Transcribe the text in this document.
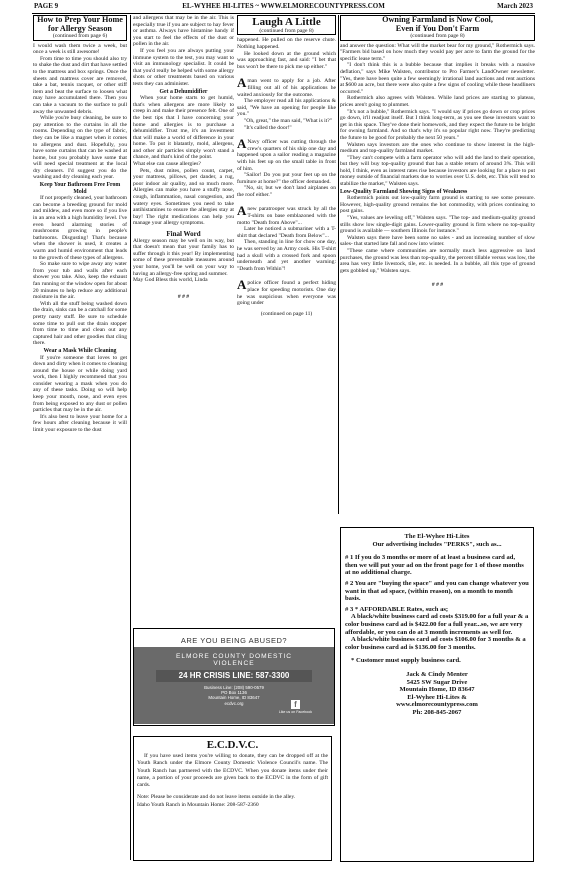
PAGE 9	EL-WYHEE HI-LITES ~ WWW.ELMORECOUNTYPRESS.COM	March 2023
How to Prep Your Home for Allergy Season
(continued from page 6)

I would wash them twice a week, but once a week is still awesome!

From time to time you should also try to shake the dust and dirt that have settled to the mattress and box springs. Once the sheets and mattress cover are removed, take a bat, tennis racquet, or other stiff item and beat the surface to loosen what may have accumulated there. Then you can take a vacuum to the surface to pull away the unwanted debris.

While you're busy cleaning, be sure to pay attention to the curtains in all the rooms. Depending on the type of fabric, they can be like a magnet when it comes to allergens and dust. Hopefully, you have some curtains that can be washed at home, but you probably have some that will need special treatment at the local dry cleaners. I'd suggest you do the washing and dry cleaning each year.

Keep Your Bathroom Free From Mold

If not properly cleaned, your bathroom can become a breeding ground for mold and mildew, and even more so if you live in an area with a high humidity level. I've even heard alarming stories of mushrooms growing in people's bathrooms. Disgusting! That's because when the shower is used, it creates a warm and humid environment that leads to the growth of these types of allergens.

So make sure to wipe away any water from your tub and walls after each shower you take. Also, keep the exhaust fan running or the window open for about 20 minutes to help reduce any additional moisture in the air.

With all the stuff being washed down the drain, sinks can be a catchall for some pretty nasty stuff. Be sure to schedule some time to pull out the drain stopper from time to time and clean out any captured hair and other goodies that cling there.

Wear a Mask While Cleaning

If you're someone that loves to get down and dirty when it comes to cleaning around the house or while doing yard work, then I highly recommend that you consider wearing a mask when you do any of these tasks. Doing so will help keep your mouth, nose, and even eyes from being exposed to any dust or pollen particles that may be in the air.

It's also best to leave your home for a few hours after cleaning because it will limit your exposure to the dust

and allergens that may be in the air. This is especially true if you are subject to hay fever or asthma. Always have histamine handy if you start to feel the effects of the dust or pollen in the air.

If you feel you are always putting your immune system to the test, you may want to visit an immunology specialist. It could be that you'd really be helped with some allergy shots or other treatments based on various tests they can administer.

Get a Dehumidifier

When your home starts to get humid, that's when allergens are more likely to creep in and make their presence felt. One of the best tips that I have concerning your home and allergies is to purchase a dehumidifier. Trust me, it's an investment that will make a world of difference in your home. To put it blatantly, mold, allergens, and other air particles simply won't stand a chance, and that's kind of the point.

What else can cause allergies?

Pets, dust mites, pollen count, carpet, your mattress, pillows, pet dander, a rug, poor indoor air quality, and so much more. Allergies can make you have a stuffy nose, cough, inflammation, nasal congestion, and watery eyes. Sometimes you need to take antihistamines to ensure the allergies stay at bay! The right medications can help you manage your allergy symptoms.

Final Word

Allergy season may be well on its way, but that doesn't mean that your family has to suffer through it this year! By implementing some of these preventable measures around your home, you'll be well on your way to having an allergy-free spring and summer.

May God Bless this world, Linda

# # #
Laugh A Little
(continued from page 8)

happened. He pulled on the reserve chute. Nothing happened.

He looked down at the ground which was approaching fast, and said: "I bet that bus won't be there to pick me up either."

A man went to apply for a job. After filling out all of his applications he waited anxiously for the outcome.

The employer read all his applications & said, "We have an opening for people like you."

"Oh, great," the man said, "What is it?"

"It's called the door!"

A Navy officer was cutting through the crew's quarters of his ship one day and happened upon a sailor reading a magazine with his feet up on the small table in front of him.

"Sailor! Do you put your feet up on the furniture at home?" the officer demanded.

"No, sir, but we don't land airplanes on the roof either."

A new paratrooper was struck by all the T-shirts on base emblazoned with the motto "Death from Above"...

Later he noticed a submariner with a T-shirt that declared "Death from Below"...

Then, standing in line for chow one day, he was served by an Army cook. His T-shirt had a skull with a crossed fork and spoon underneath and yet another warning: "Death from Within"!

A police officer found a perfect hiding place for speeding motorists. One day he was suspicious when everyone was going under

(continued on page 11)
Owning Farmland is Now Cool,
Even if You Don't Farm
(continued from page 8)

and answer the question: What will the market bear for my ground," Rothermich says. "Farmers bid based on how much they would pay per acre to farm the ground for the specific lease term."

"I don't think this is a bubble because that implies it breaks with a massive deflation," says Mike Walsten, contributor to Pro Farmer's LandOwner newsletter. "Yes, there have been quite a few seemingly irrational land auctions and rent auctions at $600 an acre, but there were also quite a few signs of cooling while these headliners occurred."

Rothermich also agrees with Walsten. While land prices are starting to plateau, prices aren't going to plummet.

"It's not a bubble," Rothermich says. "I would say if prices go down or crop prices go down, it'll readjust itself. But I think long-term, as you see these investors want to get in this space. They've done their homework, and they expect the future to be bright for owning farmland. And so that's why it's so popular right now. They're predicting the future to be good for probably the next 50 years."

Walsten says investors are the ones who continue to show interest in the high-medium and top-quality farmland market.

"They can't compete with a farm operator who will add the land to their operation, but they will buy top-quality ground that has a stable return of around 3%. This will hold, I think, even as interest rates rise because investors are looking for a place to put money outside of financial markets due to worries over U.S. debt, etc. This will tend to stabilize the market," Walsten says.

Low-Quality Farmland Showing Signs of Weakness

Rothermich points out low-quality farm ground is starting to see some pressure. However, high-quality ground remains the hot commodity, with prices continuing to post gains.

"Yes, values are leveling off," Walsten says. "The top- and medium-quality ground stills show low single-digit gains. Lower-quality ground is firm where no top-quality ground is available — southern Illinois for instance."

Walsten says there have been some no sales - and an increasing number of slow sales- that started late fall and now into winter.

"These came where communities are normally much less aggressive on land purchases, the ground was less than top-quality, the percent tillable versus was low, the area has very little livestock, tile, etc. is needed. In a bubble, all this type of ground gets gobbled up," Walsten says.

# # #
ARE YOU BEING ABUSED?
ELMORE COUNTY DOMESTIC
VIOLENCE
24 HR CRISIS LINE: 587-3300
Business Line: (208) 590-0579
PO Box 1136
Mountain Home, ID 83647
ecdvc.org	f
Like us on Facebook
E.C.D.V.C.

If you have used items you're willing to donate, they can be dropped off at the Youth Ranch under the Elmore County Domestic Violence Council's name. The Youth Ranch has partnered with the ECDVC. When you donate items under their name, a portion of your proceeds are given back to the ECDVC in the form of gift cards.

Note: Please be considerate and do not leave items outside in the alley.

Idaho Youth Ranch in Mountain Home: 208-587-2360

The El-Wyhee Hi-Lites
Our advertising includes "PERKS", such as...

# 1 If you do 3 months or more of at least a business card ad, then we will put your ad on the front page for 1 of those months at no additional charge.

# 2 You are "buying the space" and you can change whatever you want in that ad space, (within reason), on a month to month basis.

# 3 * AFFORDABLE Rates, such as;

A black/white business card ad costs $319.00 for a full year & a color business card ad is $422.00 for a full year...so, we are very affordable, or you can do at 3 month increments as well for.

A black/white business card ad costs $106.00 for 3 months & a color business card ad is $136.00 for 3 months.

* Customer must supply business card.

Jack & Cindy Menter
5425 SW Sugar Drive
Mountain Home, ID 83647
El-Wyhee Hi-Lites &
www.elmorecountypress.com
Ph: 208-845-2067
